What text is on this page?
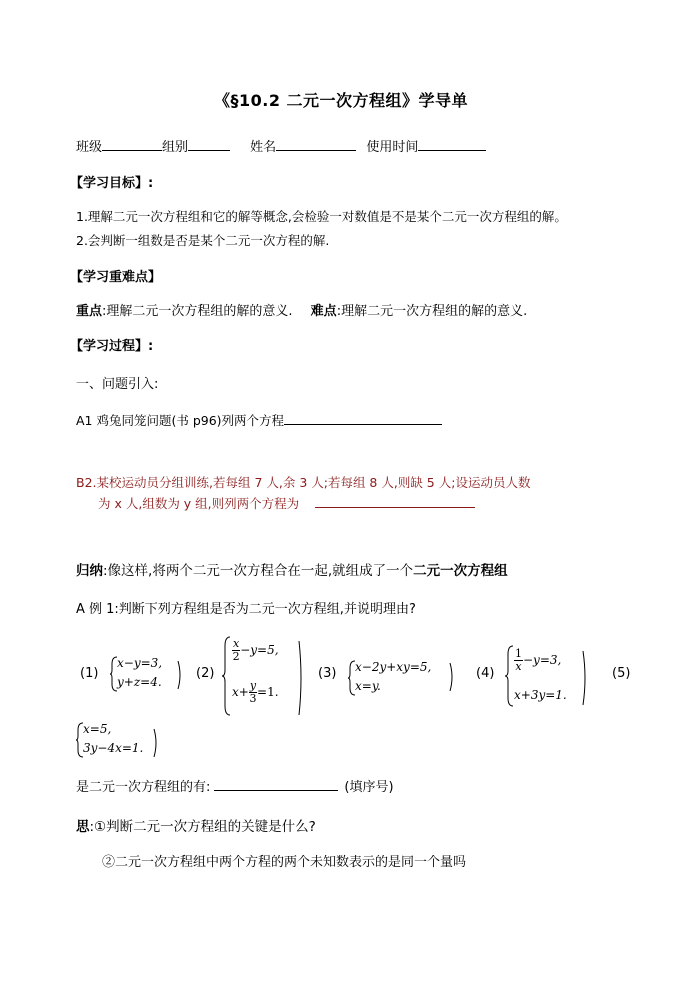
《§10.2 二元一次方程组》学导单
班级	组别	姓名	使用时间
【学习目标】:
1.理解二元一次方程组和它的解等概念,会检验一对数值是不是某个二元一次方程组的解。
2.会判断一组数是否是某个二元一次方程的解.
【学习重难点】
重点:理解二元一次方程组的解的意义. 难点:理解二元一次方程组的解的意义.
【学习过程】:
一、问题引入:
A1 鸡兔同笼问题(书 p96)列两个方程
B2.某校运动员分组训练,若每组 7 人,余 3 人;若每组 8 人,则缺 5 人;设运动员人数
为 x 人,组数为 y 组,则列两个方程为
归纳:像这样,将两个二元一次方程合在一起,就组成了一个二元一次方程组
A 例 1:判断下列方程组是否为二元一次方程组,并说明理由?
(1)	(2)	(3)	(4)	(5)
x−y=3,
y+z=4.
$\frac{x}{2} -y=5$,
$x+ \frac{y}{3} =1$.
x−2y+xy=5,
x=y.
$\frac{1}{x} -y=3$,
x+3y=1.
x=5,
3y−4x=1.
是二元一次方程组的有:	(填序号)
思:①判断二元一次方程组的关键是什么?
②二元一次方程组中两个方程的两个未知数表示的是同一个量吗
